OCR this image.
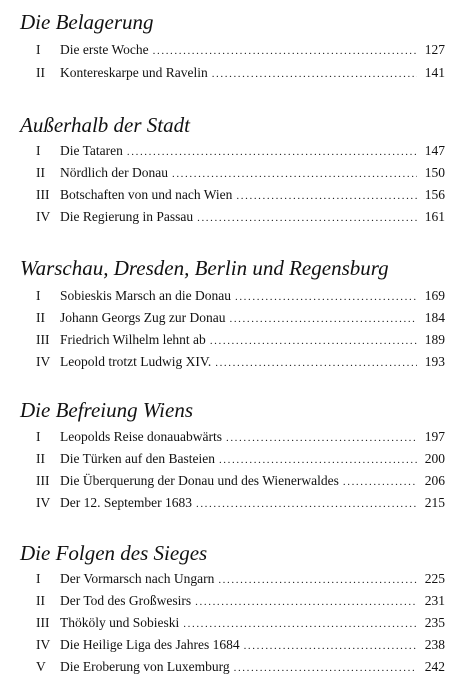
Die Belagerung
I	Die erste Woche .....	127
II	Kontereskarpe und Ravelin .....	141
Außerhalb der Stadt
I	Die Tataren .....	147
II	Nördlich der Donau .....	150
III Botschaften von und nach Wien .....	156
IV Die Regierung in Passau .....	161
Warschau, Dresden, Berlin und Regensburg
I	Sobieskis Marsch an die Donau .....	169
II	Johann Georgs Zug zur Donau .....	184
III Friedrich Wilhelm lehnt ab .....	189
IV Leopold trotzt Ludwig XIV. .....	193
Die Befreiung Wiens
I	Leopolds Reise donauabwärts .....	197
II	Die Türken auf den Basteien .....	200
III Die Überquerung der Donau und des Wienerwaldes .....	206
IV Der 12. September 1683 .....	215
Die Folgen des Sieges
I	Der Vormarsch nach Ungarn .....	225
II	Der Tod des Großwesirs .....	231
III Thököly und Sobieski .....	235
IV Die Heilige Liga des Jahres 1684 .....	238
V	Die Eroberung von Luxemburg .....	242
